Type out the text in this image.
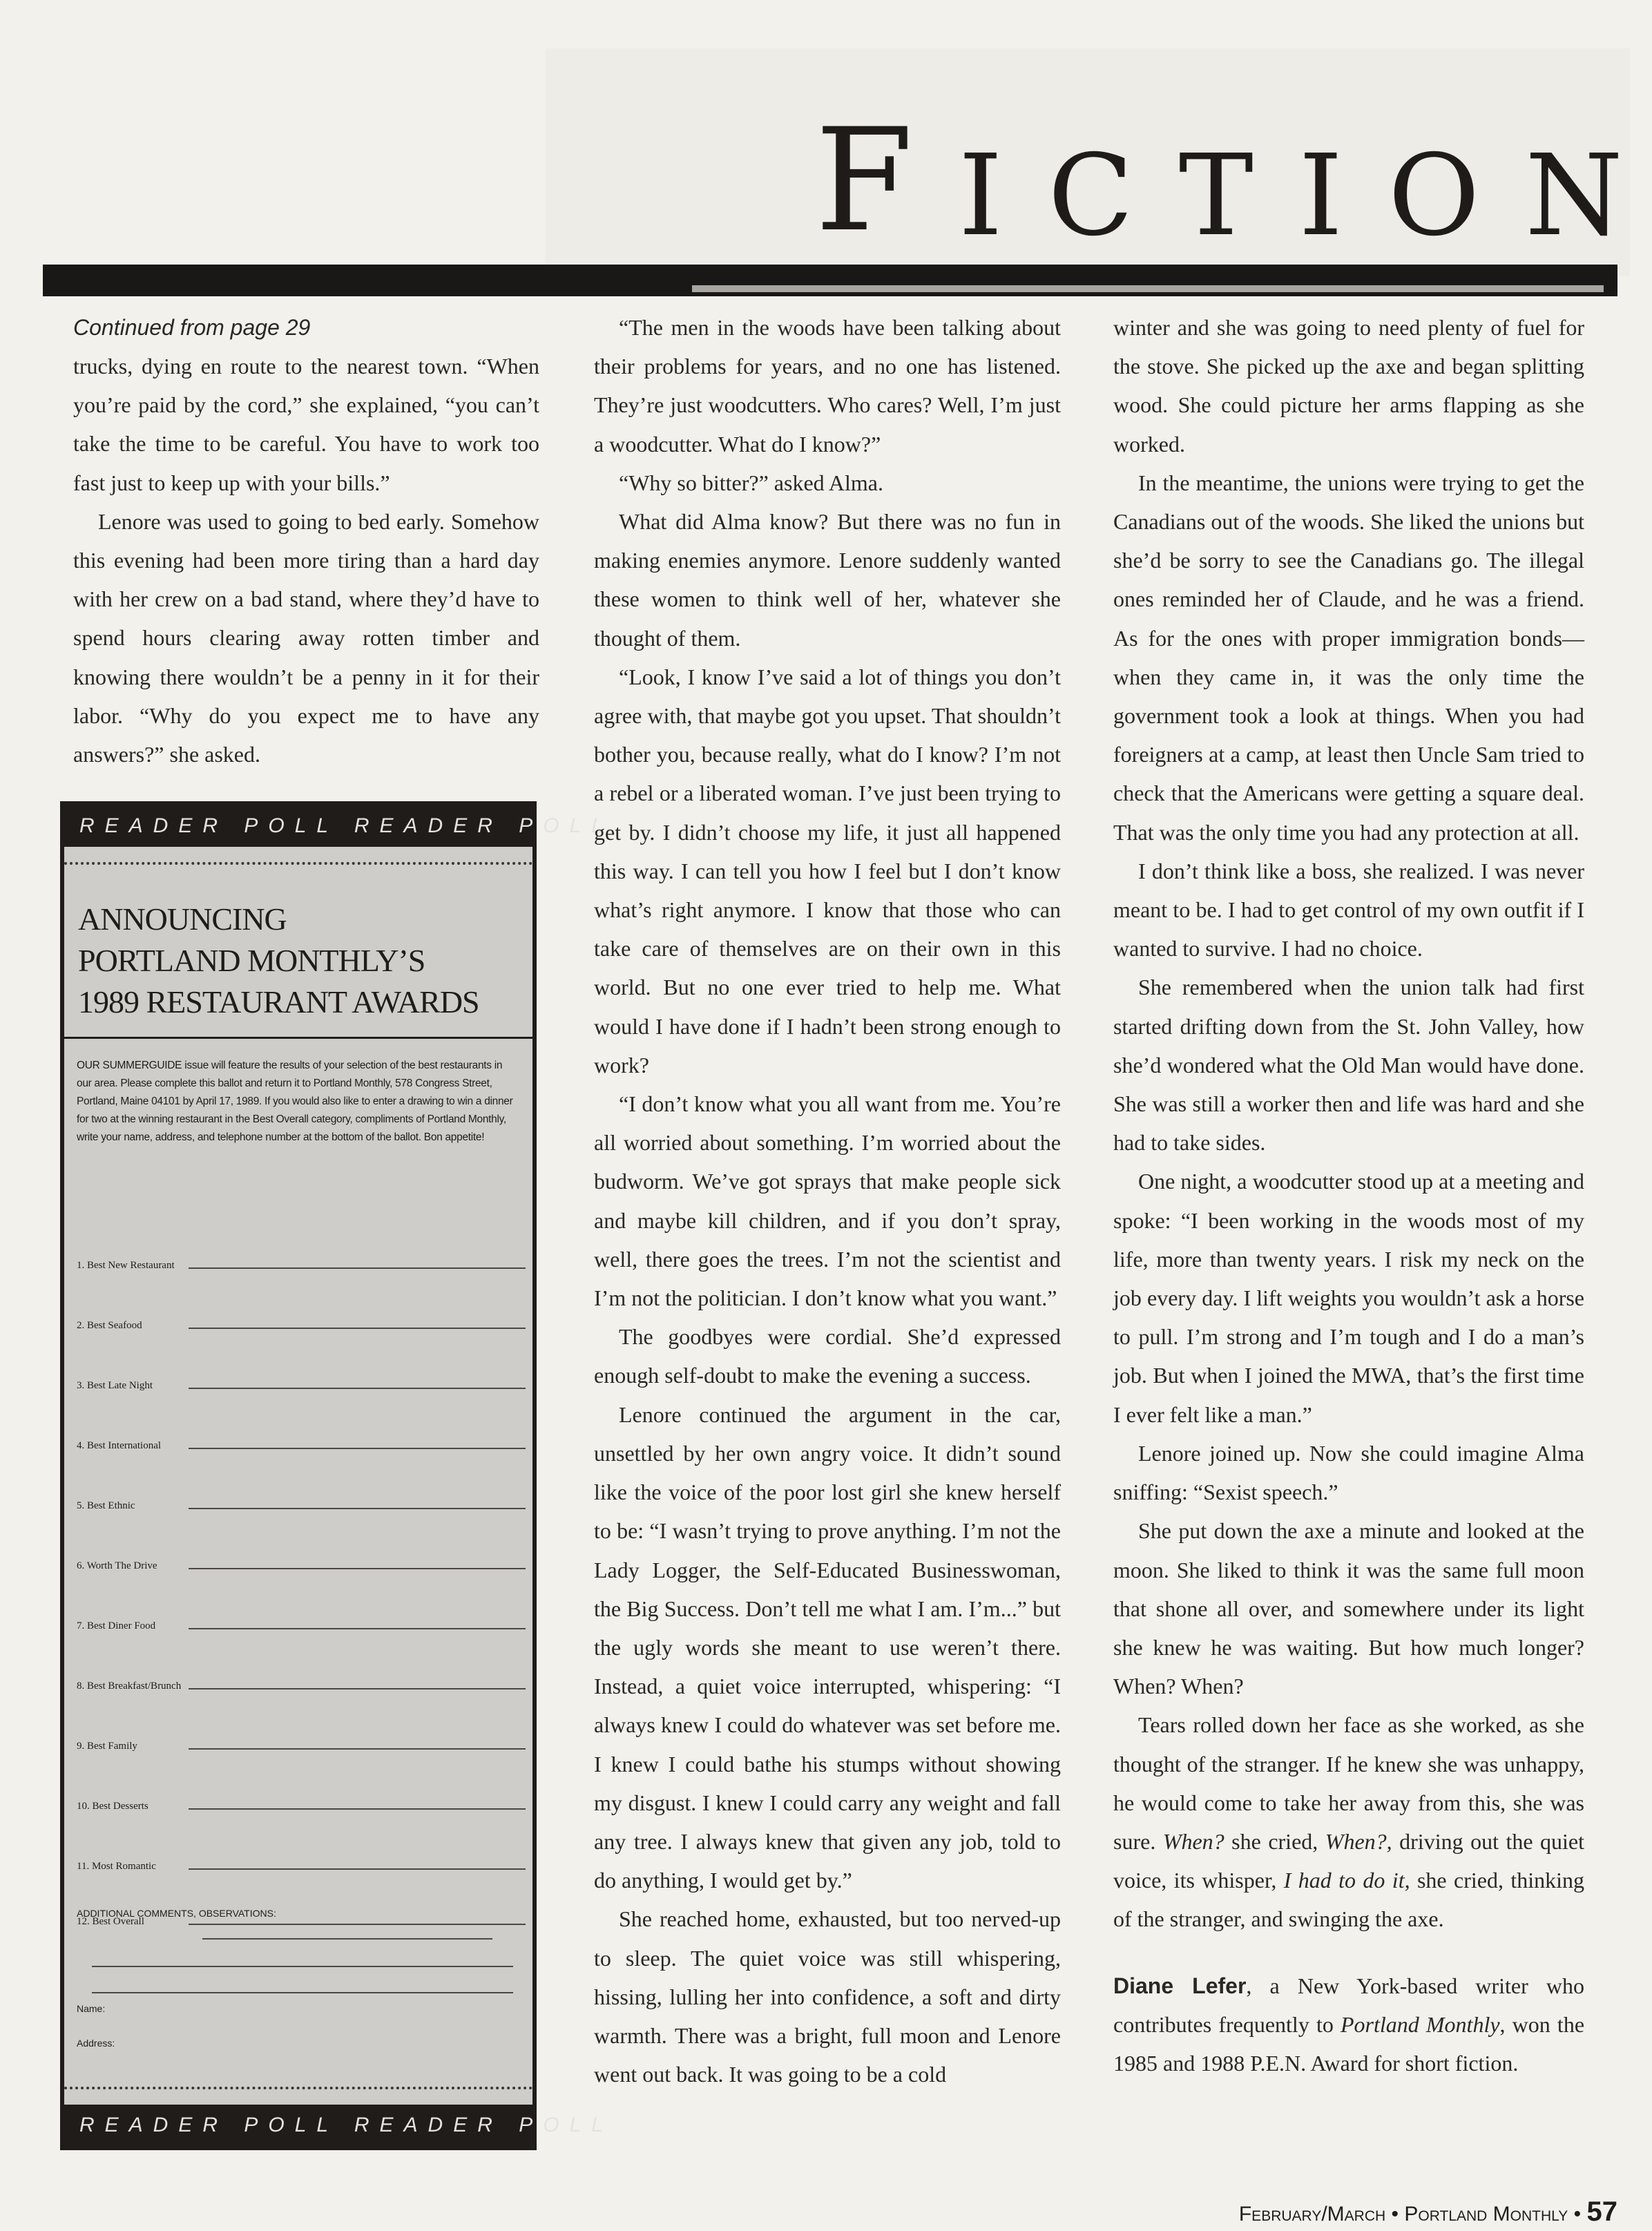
F I C T I O N
Continued from page 29

trucks, dying en route to the nearest town. “When you’re paid by the cord,” she explained, “you can’t take the time to be careful. You have to work too fast just to keep up with your bills.”

Lenore was used to going to bed early. Somehow this evening had been more tiring than a hard day with her crew on a bad stand, where they’d have to spend hours clearing away rotten timber and knowing there wouldn’t be a penny in it for their labor. “Why do you expect me to have any answers?” she asked.

READER POLL READER POLL
ANNOUNCING
PORTLAND MONTHLY’S
1989 RESTAURANT AWARDS
OUR SUMMERGUIDE issue will feature the results of your selection of the best restaurants in our area. Please complete this ballot and return it to Portland Monthly, 578 Congress Street, Portland, Maine 04101 by April 17, 1989. If you would also like to enter a drawing to win a dinner for two at the winning restaurant in the Best Overall category, compliments of Portland Monthly, write your name, address, and telephone number at the bottom of the ballot. Bon appetite!
1. Best New Restaurant
2. Best Seafood
3. Best Late Night
4. Best International
5. Best Ethnic
6. Worth The Drive
7. Best Diner Food
8. Best Breakfast/Brunch
9. Best Family
10. Best Desserts
11. Most Romantic
12. Best Overall
ADDITIONAL COMMENTS, OBSERVATIONS:
Name:
Address:
READER POLL READER POLL

“The men in the woods have been talking about their problems for years, and no one has listened. They’re just woodcutters. Who cares? Well, I’m just a woodcutter. What do I know?”

“Why so bitter?” asked Alma.

What did Alma know? But there was no fun in making enemies anymore. Lenore suddenly wanted these women to think well of her, whatever she thought of them.

“Look, I know I’ve said a lot of things you don’t agree with, that maybe got you upset. That shouldn’t bother you, because really, what do I know? I’m not a rebel or a liberated woman. I’ve just been trying to get by. I didn’t choose my life, it just all happened this way. I can tell you how I feel but I don’t know what’s right anymore. I know that those who can take care of themselves are on their own in this world. But no one ever tried to help me. What would I have done if I hadn’t been strong enough to work?

“I don’t know what you all want from me. You’re all worried about something. I’m worried about the budworm. We’ve got sprays that make people sick and maybe kill children, and if you don’t spray, well, there goes the trees. I’m not the scientist and I’m not the politician. I don’t know what you want.”

The goodbyes were cordial. She’d expressed enough self-doubt to make the evening a success.

Lenore continued the argument in the car, unsettled by her own angry voice. It didn’t sound like the voice of the poor lost girl she knew herself to be: “I wasn’t trying to prove anything. I’m not the Lady Logger, the Self-Educated Businesswoman, the Big Success. Don’t tell me what I am. I’m...” but the ugly words she meant to use weren’t there. Instead, a quiet voice interrupted, whispering: “I always knew I could do whatever was set before me. I knew I could bathe his stumps without showing my disgust. I knew I could carry any weight and fall any tree. I always knew that given any job, told to do anything, I would get by.”

She reached home, exhausted, but too nerved-up to sleep. The quiet voice was still whispering, hissing, lulling her into confidence, a soft and dirty warmth. There was a bright, full moon and Lenore went out back. It was going to be a cold

winter and she was going to need plenty of fuel for the stove. She picked up the axe and began splitting wood. She could picture her arms flapping as she worked.

In the meantime, the unions were trying to get the Canadians out of the woods. She liked the unions but she’d be sorry to see the Canadians go. The illegal ones reminded her of Claude, and he was a friend. As for the ones with proper immigration bonds—when they came in, it was the only time the government took a look at things. When you had foreigners at a camp, at least then Uncle Sam tried to check that the Americans were getting a square deal. That was the only time you had any protection at all.

I don’t think like a boss, she realized. I was never meant to be. I had to get control of my own outfit if I wanted to survive. I had no choice.

She remembered when the union talk had first started drifting down from the St. John Valley, how she’d wondered what the Old Man would have done. She was still a worker then and life was hard and she had to take sides.

One night, a woodcutter stood up at a meeting and spoke: “I been working in the woods most of my life, more than twenty years. I risk my neck on the job every day. I lift weights you wouldn’t ask a horse to pull. I’m strong and I’m tough and I do a man’s job. But when I joined the MWA, that’s the first time I ever felt like a man.”

Lenore joined up. Now she could imagine Alma sniffing: “Sexist speech.”

She put down the axe a minute and looked at the moon. She liked to think it was the same full moon that shone all over, and somewhere under its light she knew he was waiting. But how much longer? When? When?

Tears rolled down her face as she worked, as she thought of the stranger. If he knew she was unhappy, he would come to take her away from this, she was sure. When? she cried, When?, driving out the quiet voice, its whisper, I had to do it, she cried, thinking of the stranger, and swinging the axe.

Diane Lefer, a New York-based writer who contributes frequently to Portland Monthly, won the 1985 and 1988 P.E.N. Award for short fiction.

February/March • Portland Monthly • 57
